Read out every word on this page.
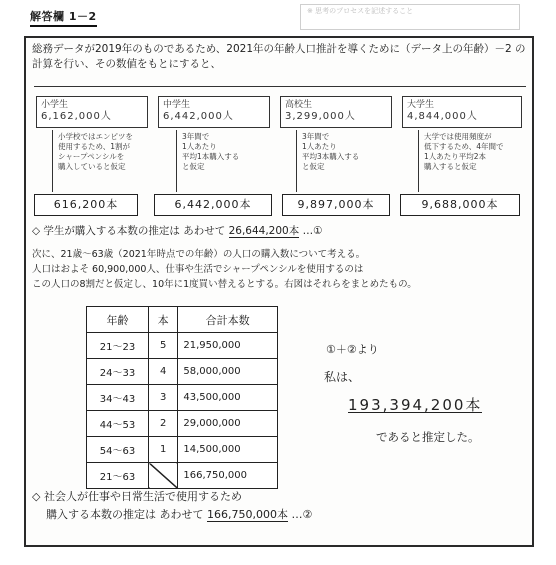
解答欄 1－2	※ 思考のプロセスを記述すること
総務データが2019年のものであるため、2021年の年齢人口推計を導くために（データ上の年齢）－2 の計算を行い、その数値をもとにすると、
小学生
6,162,000人
中学生
6,442,000人
高校生
3,299,000人
大学生
4,844,000人
小学校ではエンピツを
使用するため、1割が
シャープペンシルを
購入していると仮定
3年間で
1人あたり
平均1本購入する
と仮定
3年間で
1人あたり
平均3本購入する
と仮定
大学では使用頻度が
低下するため、4年間で
1人あたり平均2本
購入すると仮定
616,200本	6,442,000本	9,897,000本	9,688,000本
◇ 学生が購入する本数の推定は あわせて 26,644,200本 …①
次に、21歳～63歳（2021年時点での年齢）の人口の購入数について考える。
人口はおよそ 60,900,000人、仕事や生活でシャープペンシルを使用するのは
この人口の8割だと仮定し、10年に1度買い替えるとする。右図はそれらをまとめたもの。
年齢	本	合計本数
21～23	5	21,950,000
24～33	4	58,000,000
34～43	3	43,500,000
44～53	2	29,000,000
54～63	1	14,500,000
21～63		166,750,000
①＋②より
私は、
193,394,200本
であると推定した。
◇ 社会人が仕事や日常生活で使用するため
購入する本数の推定は あわせて 166,750,000本 …②
